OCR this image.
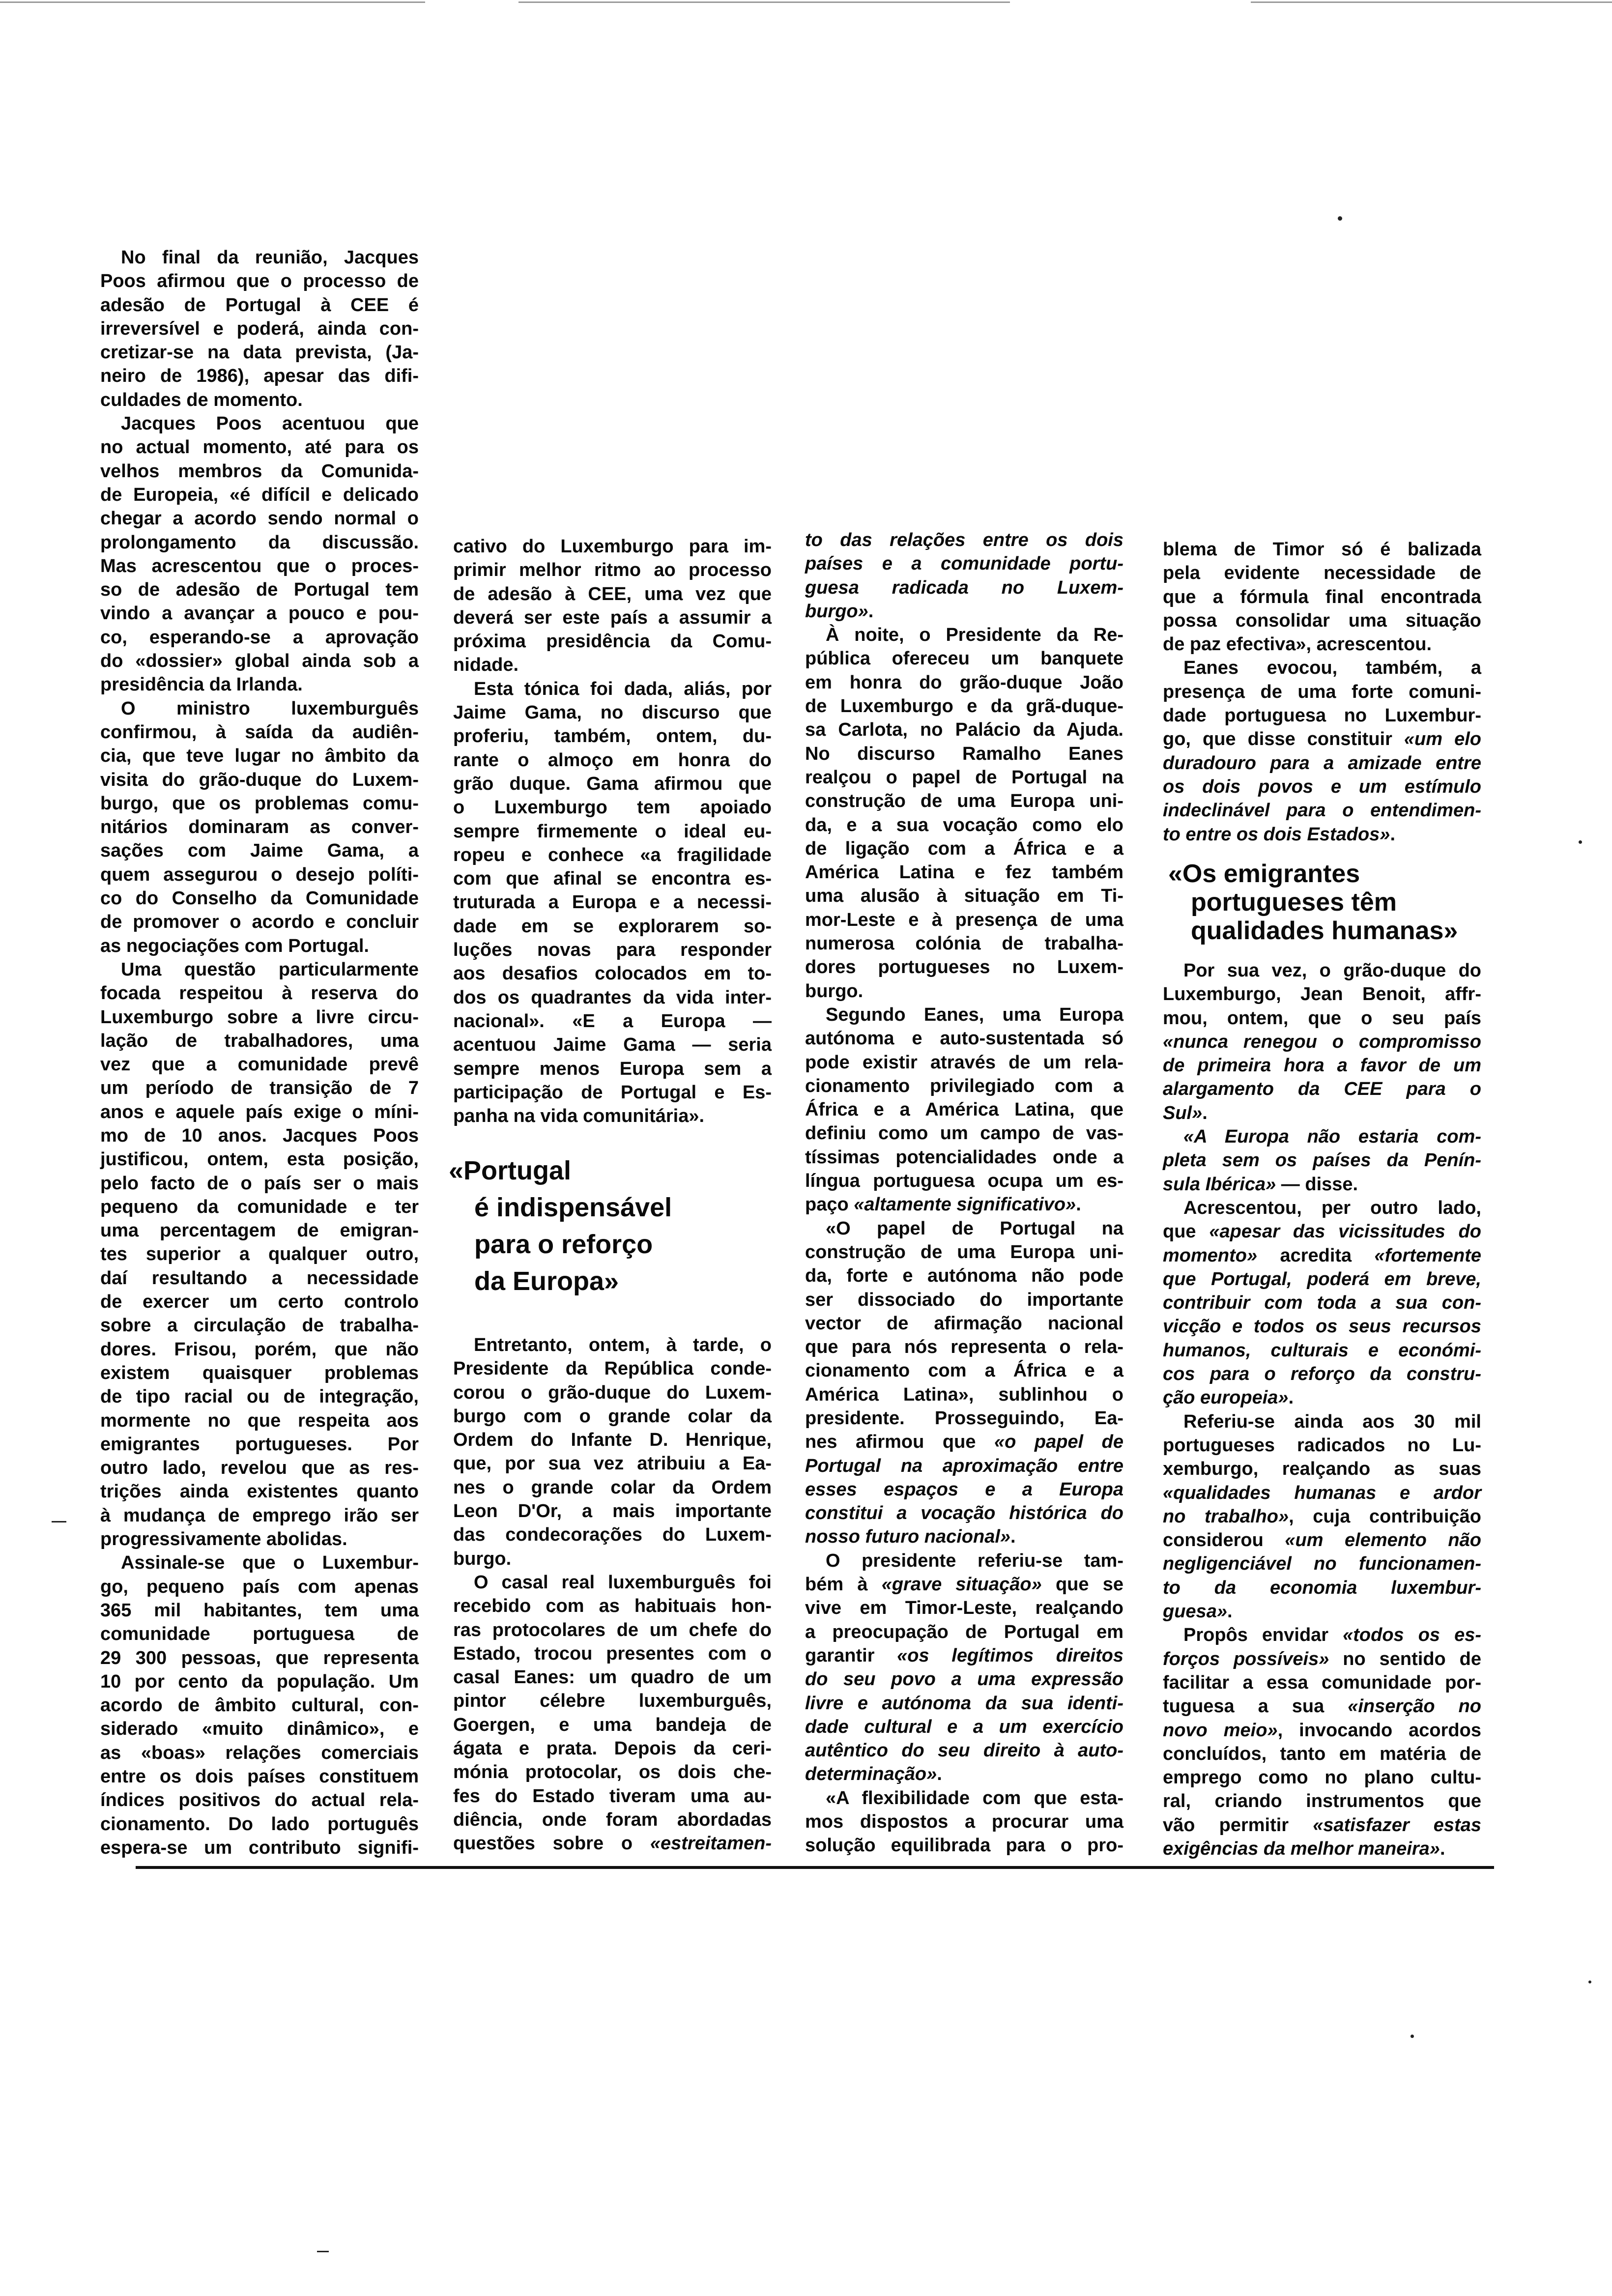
No final da reunião, Jacques
Poos afirmou que o processo de
adesão de Portugal à CEE é
irreversível e poderá, ainda con-
cretizar-se na data prevista, (Ja-
neiro de 1986), apesar das difi-
culdades de momento.
Jacques Poos acentuou que
no actual momento, até para os
velhos membros da Comunida-
de Europeia, «é difícil e delicado
chegar a acordo sendo normal o
prolongamento da discussão.
Mas acrescentou que o proces-
so de adesão de Portugal tem
vindo a avançar a pouco e pou-
co, esperando-se a aprovação
do «dossier» global ainda sob a
presidência da Irlanda.
O ministro luxemburguês
confirmou, à saída da audiên-
cia, que teve lugar no âmbito da
visita do grão-duque do Luxem-
burgo, que os problemas comu-
nitários dominaram as conver-
sações com Jaime Gama, a
quem assegurou o desejo políti-
co do Conselho da Comunidade
de promover o acordo e concluir
as negociações com Portugal.
Uma questão particularmente
focada respeitou à reserva do
Luxemburgo sobre a livre circu-
lação de trabalhadores, uma
vez que a comunidade prevê
um período de transição de 7
anos e aquele país exige o míni-
mo de 10 anos. Jacques Poos
justificou, ontem, esta posição,
pelo facto de o país ser o mais
pequeno da comunidade e ter
uma percentagem de emigran-
tes superior a qualquer outro,
daí resultando a necessidade
de exercer um certo controlo
sobre a circulação de trabalha-
dores. Frisou, porém, que não
existem quaisquer problemas
de tipo racial ou de integração,
mormente no que respeita aos
emigrantes portugueses. Por
outro lado, revelou que as res-
trições ainda existentes quanto
à mudança de emprego irão ser
progressivamente abolidas.
Assinale-se que o Luxembur-
go, pequeno país com apenas
365 mil habitantes, tem uma
comunidade portuguesa de
29 300 pessoas, que representa
10 por cento da população. Um
acordo de âmbito cultural, con-
siderado «muito dinâmico», e
as «boas» relações comerciais
entre os dois países constituem
índices positivos do actual rela-
cionamento. Do lado português
espera-se um contributo signifi-
cativo do Luxemburgo para im-
primir melhor ritmo ao processo
de adesão à CEE, uma vez que
deverá ser este país a assumir a
próxima presidência da Comu-
nidade.
Esta tónica foi dada, aliás, por
Jaime Gama, no discurso que
proferiu, também, ontem, du-
rante o almoço em honra do
grão duque. Gama afirmou que
o Luxemburgo tem apoiado
sempre firmemente o ideal eu-
ropeu e conhece «a fragilidade
com que afinal se encontra es-
truturada a Europa e a necessi-
dade em se explorarem so-
luções novas para responder
aos desafios colocados em to-
dos os quadrantes da vida inter-
nacional». «E a Europa —
acentuou Jaime Gama — seria
sempre menos Europa sem a
participação de Portugal e Es-
panha na vida comunitária».
«Portugal
é indispensável
para o reforço
da Europa»
Entretanto, ontem, à tarde, o
Presidente da República conde-
corou o grão-duque do Luxem-
burgo com o grande colar da
Ordem do Infante D. Henrique,
que, por sua vez atribuiu a Ea-
nes o grande colar da Ordem
Leon D'Or, a mais importante
das condecorações do Luxem-
burgo.
O casal real luxemburguês foi
recebido com as habituais hon-
ras protocolares de um chefe do
Estado, trocou presentes com o
casal Eanes: um quadro de um
pintor célebre luxemburguês,
Goergen, e uma bandeja de
ágata e prata. Depois da ceri-
mónia protocolar, os dois che-
fes do Estado tiveram uma au-
diência, onde foram abordadas
questões sobre o «estreitamen-
to das relações entre os dois
países e a comunidade portu-
guesa radicada no Luxem-
burgo».
À noite, o Presidente da Re-
pública ofereceu um banquete
em honra do grão-duque João
de Luxemburgo e da grã-duque-
sa Carlota, no Palácio da Ajuda.
No discurso Ramalho Eanes
realçou o papel de Portugal na
construção de uma Europa uni-
da, e a sua vocação como elo
de ligação com a África e a
América Latina e fez também
uma alusão à situação em Ti-
mor-Leste e à presença de uma
numerosa colónia de trabalha-
dores portugueses no Luxem-
burgo.
Segundo Eanes, uma Europa
autónoma e auto-sustentada só
pode existir através de um rela-
cionamento privilegiado com a
África e a América Latina, que
definiu como um campo de vas-
tíssimas potencialidades onde a
língua portuguesa ocupa um es-
paço «altamente significativo».
«O papel de Portugal na
construção de uma Europa uni-
da, forte e autónoma não pode
ser dissociado do importante
vector de afirmação nacional
que para nós representa o rela-
cionamento com a África e a
América Latina», sublinhou o
presidente. Prosseguindo, Ea-
nes afirmou que «o papel de
Portugal na aproximação entre
esses espaços e a Europa
constitui a vocação histórica do
nosso futuro nacional».
O presidente referiu-se tam-
bém à «grave situação» que se
vive em Timor-Leste, realçando
a preocupação de Portugal em
garantir «os legítimos direitos
do seu povo a uma expressão
livre e autónoma da sua identi-
dade cultural e a um exercício
autêntico do seu direito à auto-
determinação».
«A flexibilidade com que esta-
mos dispostos a procurar uma
solução equilibrada para o pro-
blema de Timor só é balizada
pela evidente necessidade de
que a fórmula final encontrada
possa consolidar uma situação
de paz efectiva», acrescentou.
Eanes evocou, também, a
presença de uma forte comuni-
dade portuguesa no Luxembur-
go, que disse constituir «um elo
duradouro para a amizade entre
os dois povos e um estímulo
indeclinável para o entendimen-
to entre os dois Estados».
«Os emigrantes
portugueses têm
qualidades humanas»
Por sua vez, o grão-duque do
Luxemburgo, Jean Benoit, affr-
mou, ontem, que o seu país
«nunca renegou o compromisso
de primeira hora a favor de um
alargamento da CEE para o
Sul».
«A Europa não estaria com-
pleta sem os países da Penín-
sula Ibérica» — disse.
Acrescentou, per outro lado,
que «apesar das vicissitudes do
momento» acredita «fortemente
que Portugal, poderá em breve,
contribuir com toda a sua con-
vicção e todos os seus recursos
humanos, culturais e económi-
cos para o reforço da constru-
ção europeia».
Referiu-se ainda aos 30 mil
portugueses radicados no Lu-
xemburgo, realçando as suas
«qualidades humanas e ardor
no trabalho», cuja contribuição
considerou «um elemento não
negligenciável no funcionamen-
to da economia luxembur-
guesa».
Propôs envidar «todos os es-
forços possíveis» no sentido de
facilitar a essa comunidade por-
tuguesa a sua «inserção no
novo meio», invocando acordos
concluídos, tanto em matéria de
emprego como no plano cultu-
ral, criando instrumentos que
vão permitir «satisfazer estas
exigências da melhor maneira».
